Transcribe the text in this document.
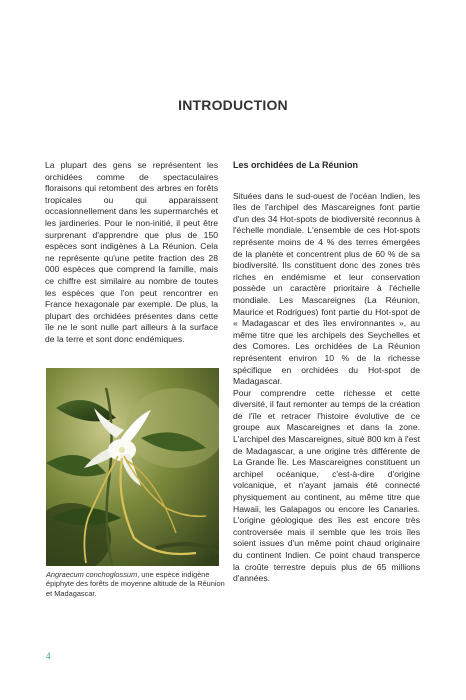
INTRODUCTION

La plupart des gens se représentent les orchidées comme de spectaculaires floraisons qui retombent des arbres en forêts tropicales ou qui apparaissent occasionnellement dans les supermarchés et les jardineries. Pour le non-initié, il peut être surprenant d'apprendre que plus de 150 espèces sont indigènes à La Réunion. Cela ne représente qu'une petite fraction des 28 000 espèces que comprend la famille, mais ce chiffre est similaire au nombre de toutes les espèces que l'on peut rencontrer en France hexagonale par exemple. De plus, la plupart des orchidées présentes dans cette île ne le sont nulle part ailleurs à la surface de la terre et sont donc endémiques.

Angraecum conchoglossum, une espèce indigène épiphyte des forêts de moyenne altitude de la Réunion et Madagascar.

Les orchidées de La Réunion

Situées dans le sud-ouest de l'océan Indien, les îles de l'archipel des Mascareignes font partie d'un des 34 Hot-spots de biodiversité reconnus à l'échelle mondiale. L'ensemble de ces Hot-spots représente moins de 4 % des terres émergées de la planète et concentrent plus de 60 % de sa biodiversité. Ils constituent donc des zones très riches en endémisme et leur conservation possède un caractère prioritaire à l'échelle mondiale. Les Mascareignes (La Réunion, Maurice et Rodrigues) font partie du Hot-spot de « Madagascar et des îles environnantes », au même titre que les archipels des Seychelles et des Comores. Les orchidées de La Réunion représentent environ 10 % de la richesse spécifique en orchidées du Hot-spot de Madagascar.

Pour comprendre cette richesse et cette diversité, il faut remonter au temps de la création de l'île et retracer l'histoire évolutive de ce groupe aux Mascareignes et dans la zone. L'archipel des Mascareignes, situé 800 km à l'est de Madagascar, a une origine très différente de La Grande Île. Les Mascareignes constituent un archipel océanique, c'est-à-dire d'origine volcanique, et n'ayant jamais été connecté physiquement au continent, au même titre que Hawaii, les Galapagos ou encore les Canaries. L'origine géologique des îles est encore très controversée mais il semble que les trois îles soient issues d'un même point chaud originaire du continent Indien. Ce point chaud transperce la croûte terrestre depuis plus de 65 millions d'années.

4
